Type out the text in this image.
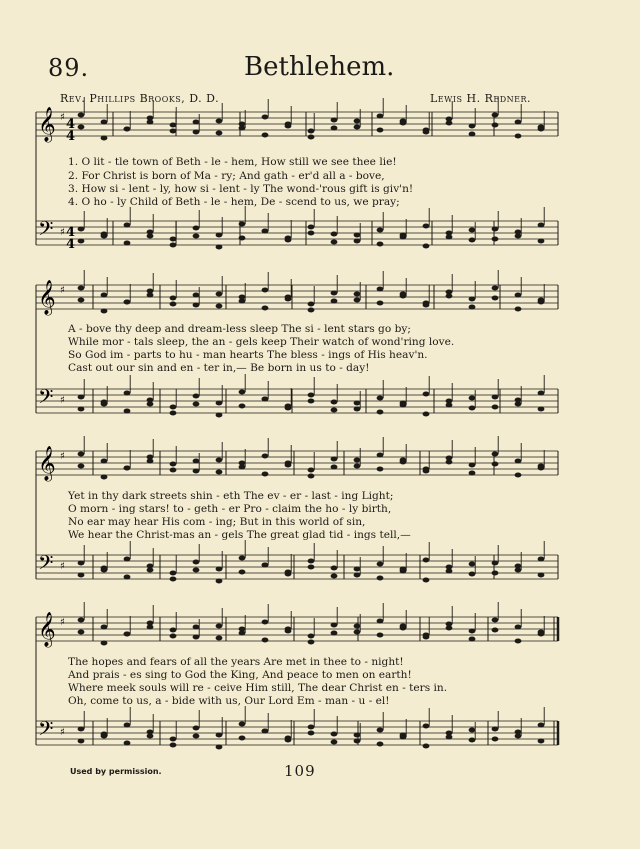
89.	Bethlehem.
Rev. Phillips Brooks, D. D.	Lewis H. Redner.
𝄞 ♯
𝄢 ♯
𝄞 ♯
𝄢 ♯
𝄞 ♯
𝄢 ♯
𝄞 ♯
𝄢 ♯
4
4
4
4
1. O lit - tle town of Beth - le - hem, How still we see thee lie!
2. For Christ is born of Ma - ry; And gath - er'd all a - bove,
3. How si - lent - ly, how si - lent - ly The wond-'rous gift is giv'n!
4. O ho - ly Child of Beth - le - hem, De - scend to us, we pray;
A - bove thy deep and dream-less sleep The si - lent stars go by;
While mor - tals sleep, the an - gels keep Their watch of wond'ring love.
So God im - parts to hu - man hearts The bless - ings of His heav'n.
Cast out our sin and en - ter in,— Be born in us to - day!
Yet in thy dark streets shin - eth The ev - er - last - ing Light;
O morn - ing stars! to - geth - er Pro - claim the ho - ly birth,
No ear may hear His com - ing; But in this world of sin,
We hear the Christ-mas an - gels The great glad tid - ings tell,—
The hopes and fears of all the years Are met in thee to - night!
And prais - es sing to God the King, And peace to men on earth!
Where meek souls will re - ceive Him still, The dear Christ en - ters in.
Oh, come to us, a - bide with us, Our Lord Em - man - u - el!
Used by permission.	109
